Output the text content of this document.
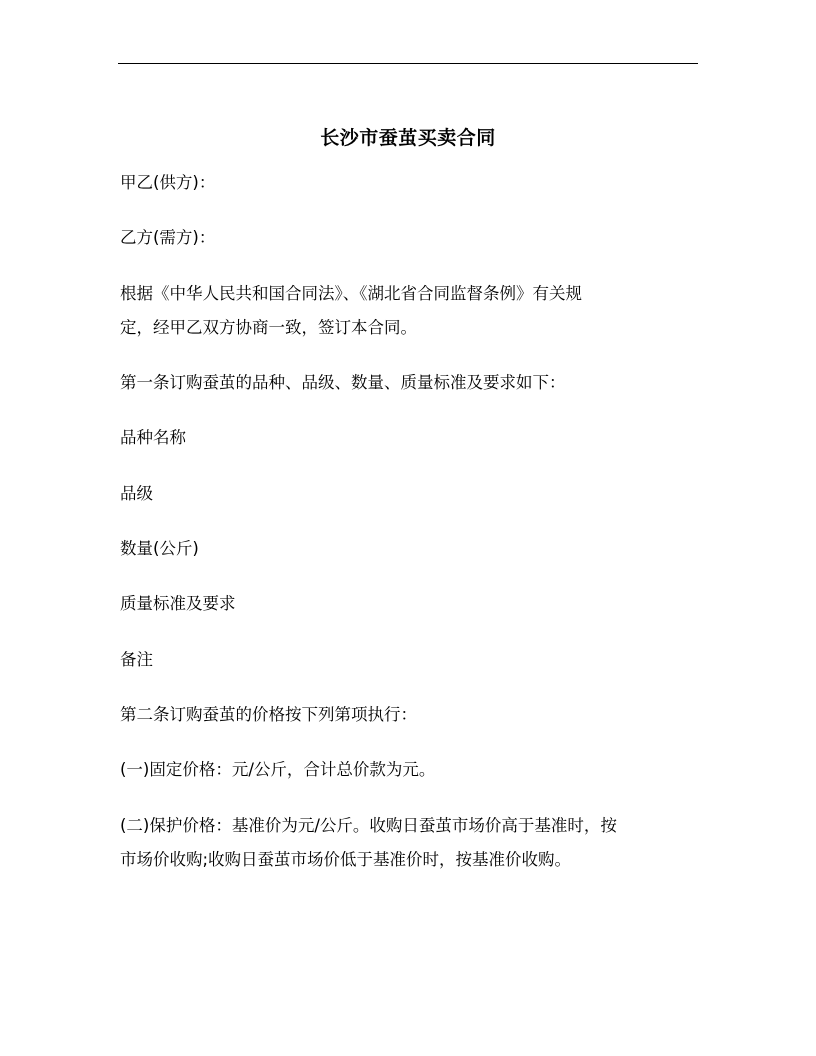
长沙市蚕茧买卖合同
甲乙(供方)：
乙方(需方)：
根据《中华人民共和国合同法》、《湖北省合同监督条例》有关规
定，经甲乙双方协商一致，签订本合同。
第一条订购蚕茧的品种、品级、数量、质量标准及要求如下：
品种名称
品级
数量(公斤)
质量标准及要求
备注
第二条订购蚕茧的价格按下列第项执行：
(一)固定价格：元/公斤，合计总价款为元。
(二)保护价格：基准价为元/公斤。收购日蚕茧市场价高于基准时，按
市场价收购;收购日蚕茧市场价低于基准价时，按基准价收购。
